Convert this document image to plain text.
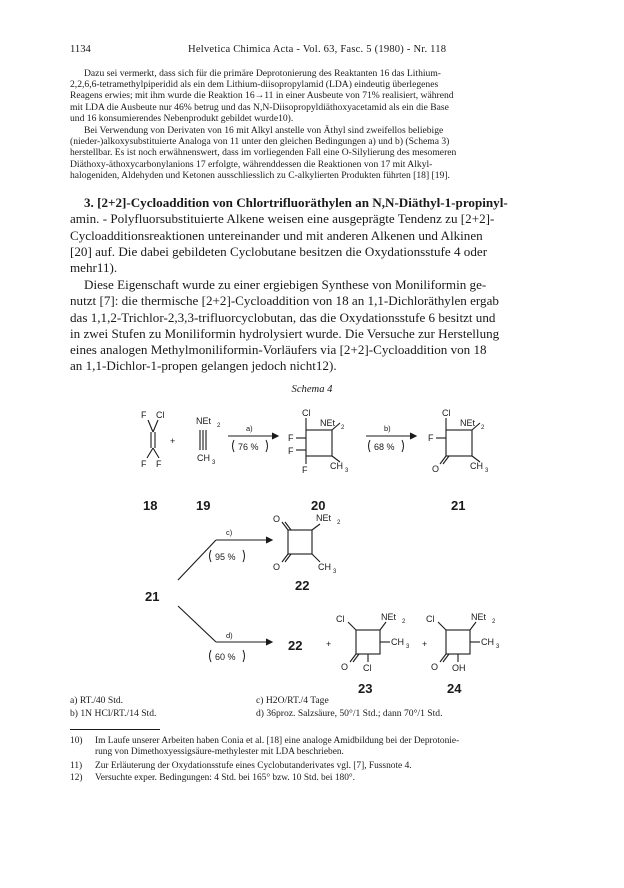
1134	Helvetica Chimica Acta - Vol. 63, Fasc. 5 (1980) - Nr. 118
Dazu sei vermerkt, dass sich für die primäre Deprotonierung des Reaktanten 16 das Lithium-
2,2,6,6-tetramethylpiperidid als ein dem Lithium-diisopropylamid (LDA) eindeutig überlegenes
Reagens erwies; mit ihm wurde die Reaktion 16→11 in einer Ausbeute von 71% realisiert, während
mit LDA die Ausbeute nur 46% betrug und das N,N-Diisopropyldiäthoxyacetamid als ein die Base
und 16 konsumierendes Nebenprodukt gebildet wurde10).
Bei Verwendung von Derivaten von 16 mit Alkyl anstelle von Äthyl sind zweifellos beliebige
(nieder-)alkoxysubstituierte Analoga von 11 unter den gleichen Bedingungen a) und b) (Schema 3)
herstellbar. Es ist noch erwähnenswert, dass im vorliegenden Fall eine O-Silylierung des mesomeren
Diäthoxy-äthoxycarbonylanions 17 erfolgte, währenddessen die Reaktionen von 17 mit Alkyl-
halogeniden, Aldehyden und Ketonen ausschliesslich zu C-alkylierten Produkten führten [18] [19].
3. [2+2]-Cycloaddition von Chlortrifluoräthylen an N,N-Diäthyl-1-propinyl-
amin. - Polyfluorsubstituierte Alkene weisen eine ausgeprägte Tendenz zu [2+2]-
Cycloadditionsreaktionen untereinander und mit anderen Alkenen und Alkinen
[20] auf. Die dabei gebildeten Cyclobutane besitzen die Oxydationsstufe 4 oder
mehr11).
Diese Eigenschaft wurde zu einer ergiebigen Synthese von Moniliformin ge-
nutzt [7]: die thermische [2+2]-Cycloaddition von 18 an 1,1-Dichloräthylen ergab
das 1,1,2-Trichlor-2,3,3-trifluorcyclobutan, das die Oxydationsstufe 6 besitzt und
in zwei Stufen zu Moniliformin hydrolysiert wurde. Die Versuche zur Herstellung
eines analogen Methylmoniliformin-Vorläufers via [2+2]-Cycloaddition von 18
an 1,1-Dichlor-1-propen gelangen jedoch nicht12).
Schema 4
F Cl
F F
+
NEt 2
CH 3
a)
76 %
Cl
NEt 2
F
F
F	CH 3
b)
68 %
Cl
NEt 2
F
O	CH 3
c)
95 %
O	NEt 2
O	CH 3
d)
60 %
+	+
Cl	NEt 2
CH 3
O Cl
Cl	NEt 2
CH 3
O OH
18	19	20	21
22
21
22
23	24
a) RT./40 Std.
b) 1N HCl/RT./14 Std.
c) H2O/RT./4 Tage
d) 36proz. Salzsäure, 50°/1 Std.; dann 70°/1 Std.
10) Im Laufe unserer Arbeiten haben Conia et al. [18] eine analoge Amidbildung bei der Deprotonie-
rung von Dimethoxyessigsäure-methylester mit LDA beschrieben.
11) Zur Erläuterung der Oxydationsstufe eines Cyclobutanderivates vgl. [7], Fussnote 4.
12) Versuchte exper. Bedingungen: 4 Std. bei 165° bzw. 10 Std. bei 180°.
